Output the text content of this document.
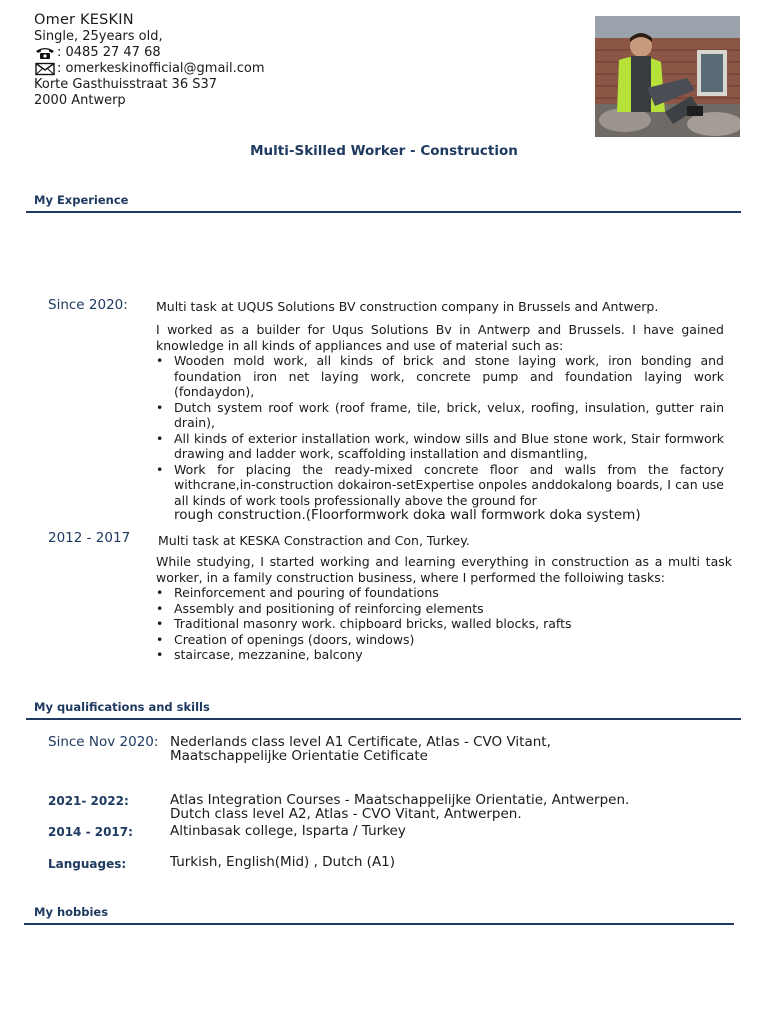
Omer KESKIN
Single, 25years old,
: 0485 27 47 68
: omerkeskinofficial@gmail.com
Korte Gasthuisstraat 36 S37
2000 Antwerp
Multi-Skilled Worker - Construction
My Experience
Since 2020: Multi task at UQUS Solutions BV construction company in Brussels and Antwerp.

I worked as a builder for Uqus Solutions Bv in Antwerp and Brussels. I have gained knowledge in all kinds of appliances and use of material such as:

• Wooden mold work, all kinds of brick and stone laying work, iron bonding and foundation iron net laying work, concrete pump and foundation laying work (fondaydon),
• Dutch system roof work (roof frame, tile, brick, velux, roofing, insulation, gutter rain drain),
• All kinds of exterior installation work, window sills and Blue stone work, Stair formwork drawing and ladder work, scaffolding installation and dismantling,
• Work for placing the ready-mixed concrete floor and walls from the factory withcrane,in-construction dokairon-setExpertise onpoles anddokalong boards, I can use all kinds of work tools professionally above the ground for

rough construction.(Floorformwork doka wall formwork doka system)

2012 - 2017 Multi task at KESKA Constraction and Con, Turkey.

While studying, I started working and learning everything in construction as a multi task worker, in a family construction business, where I performed the folloiwing tasks:

• Reinforcement and pouring of foundations
• Assembly and positioning of reinforcing elements
• Traditional masonry work. chipboard bricks, walled blocks, rafts
• Creation of openings (doors, windows)
• staircase, mezzanine, balcony
My qualifications and skills
Since Nov 2020: Nederlands class level A1 Certificate, Atlas - CVO Vitant,
Maatschappelijke Orientatie Cetificate
2021- 2022:	Atlas Integration Courses - Maatschappelijke Orientatie, Antwerpen.
Dutch class level A2, Atlas - CVO Vitant, Antwerpen.
2014 - 2017:	Altinbasak college, Isparta / Turkey
Languages:	Turkish, English(Mid) , Dutch (A1)
My hobbies
